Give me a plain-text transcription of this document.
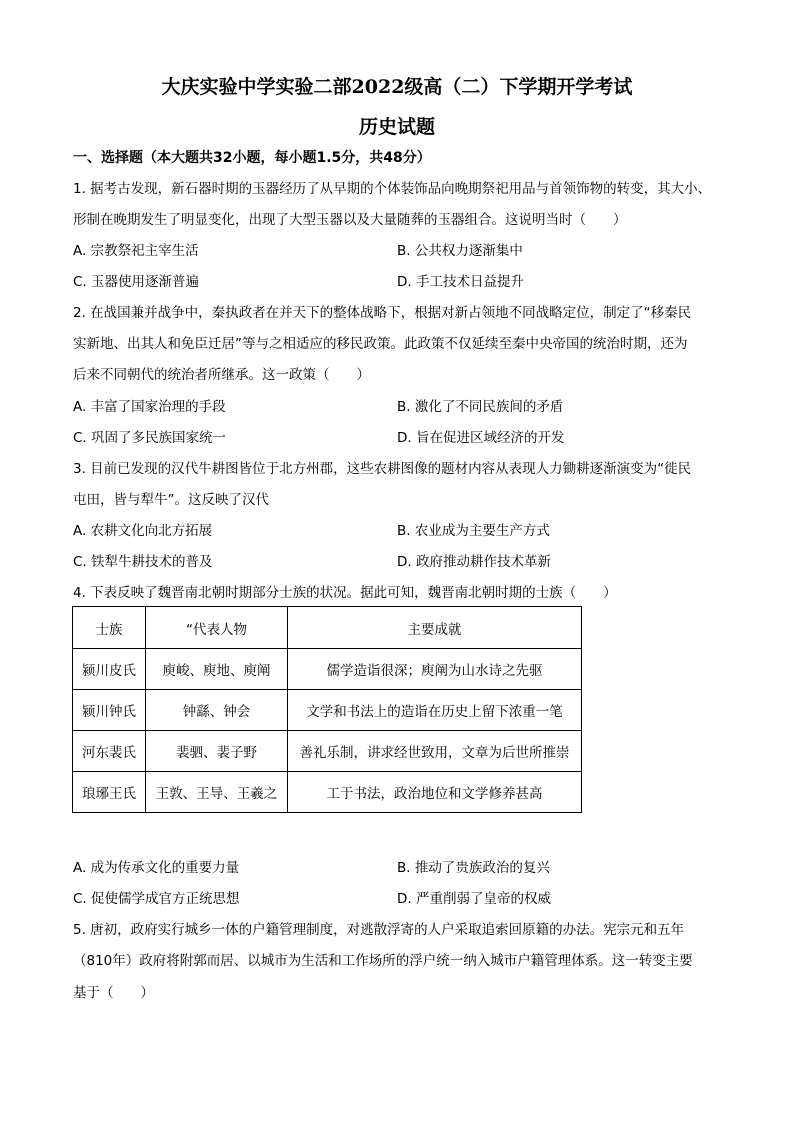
大庆实验中学实验二部2022级高（二）下学期开学考试
历史试题
一、选择题（本大题共32小题，每小题1.5分，共48分）
1. 据考古发现，新石器时期的玉器经历了从早期的个体装饰品向晚期祭祀用品与首领饰物的转变，其大小、
形制在晚期发生了明显变化，出现了大型玉器以及大量随葬的玉器组合。这说明当时（　　）
A. 宗教祭祀主宰生活	B. 公共权力逐渐集中
C. 玉器使用逐渐普遍	D. 手工技术日益提升
2. 在战国兼并战争中，秦执政者在并天下的整体战略下，根据对新占领地不同战略定位，制定了“移秦民
实新地、出其人和免臣迁居”等与之相适应的移民政策。此政策不仅延续至秦中央帝国的统治时期，还为
后来不同朝代的统治者所继承。这一政策（　　）
A. 丰富了国家治理的手段	B. 激化了不同民族间的矛盾
C. 巩固了多民族国家统一	D. 旨在促进区域经济的开发
3. 目前已发现的汉代牛耕图皆位于北方州郡，这些农耕图像的题材内容从表现人力锄耕逐渐演变为“徙民
屯田，皆与犁牛”。这反映了汉代
A. 农耕文化向北方拓展	B. 农业成为主要生产方式
C. 铁犁牛耕技术的普及	D. 政府推动耕作技术革新
4. 下表反映了魏晋南北朝时期部分士族的状况。据此可知，魏晋南北朝时期的士族（　　）
士族	“代表人物	主要成就
颍川皮氏	庾峻、庾地、庾阐	儒学造诣很深；庾阐为山水诗之先驱
颍川钟氏	钟繇、钟会	文学和书法上的造诣在历史上留下浓重一笔
河东裴氏	裴驷、裴子野	善礼乐制，讲求经世致用，文章为后世所推崇
琅琊王氏	王敦、王导、王羲之	工于书法，政治地位和文学修养甚高
A. 成为传承文化的重要力量	B. 推动了贵族政治的复兴
C. 促使儒学成官方正统思想	D. 严重削弱了皇帝的权威
5. 唐初，政府实行城乡一体的户籍管理制度，对逃散浮寄的人户采取追索回原籍的办法。宪宗元和五年
（810年）政府将附郭而居、以城市为生活和工作场所的浮户统一纳入城市户籍管理体系。这一转变主要
基于（　　）
